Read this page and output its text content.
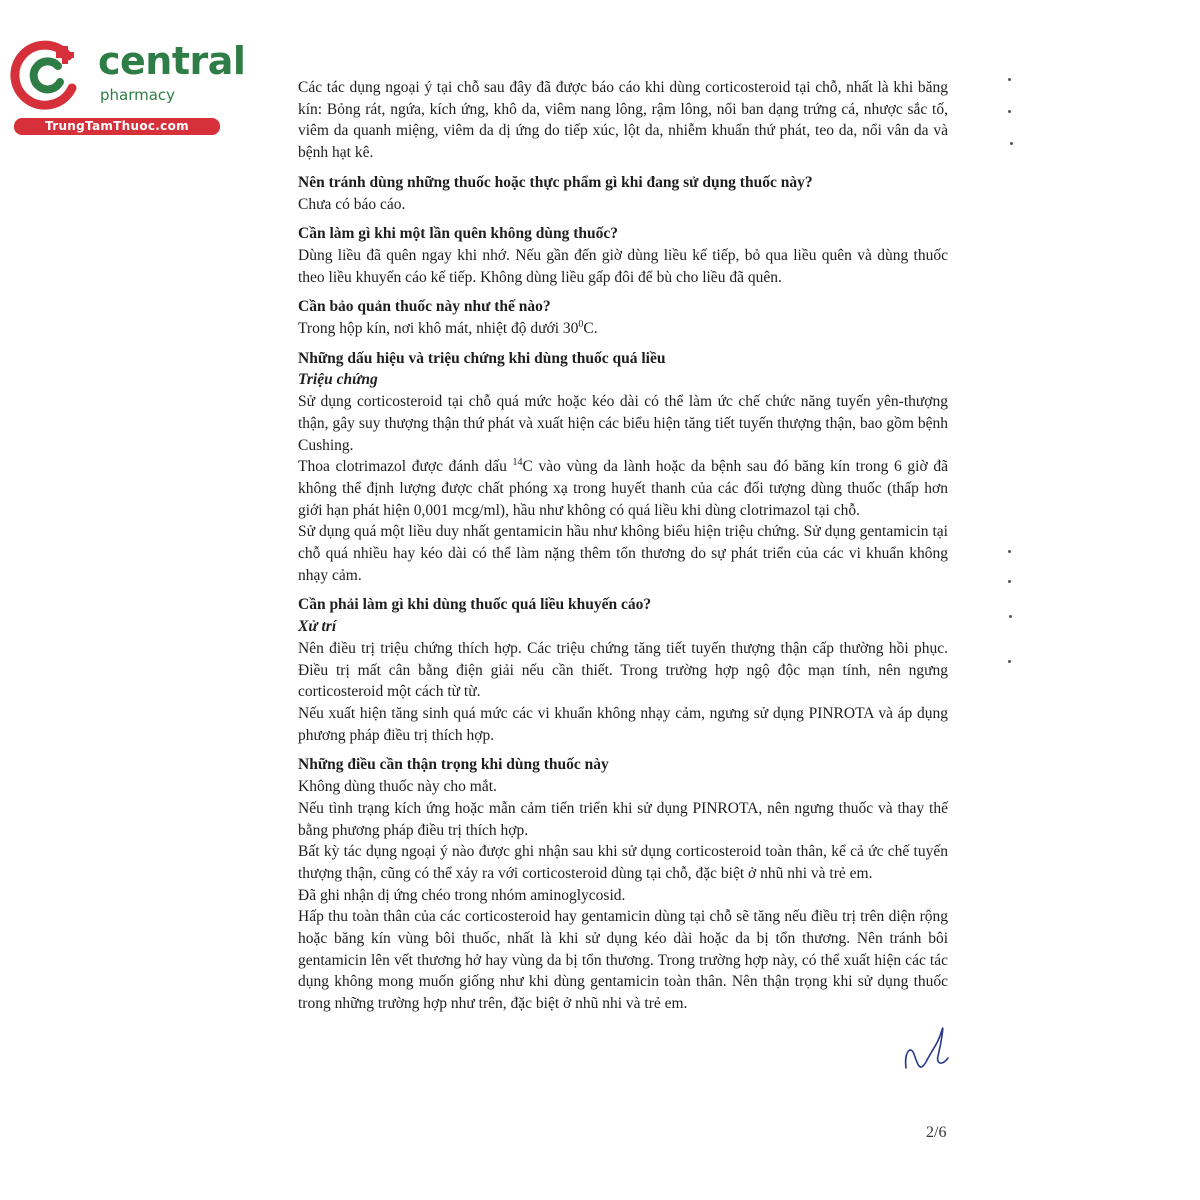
central
pharmacy
TrungTamThuoc.com

Các tác dụng ngoại ý tại chỗ sau đây đã được báo cáo khi dùng corticosteroid tại chỗ, nhất là khi băng kín: Bỏng rát, ngứa, kích ứng, khô da, viêm nang lông, rậm lông, nổi ban dạng trứng cá, nhược sắc tố, viêm da quanh miệng, viêm da dị ứng do tiếp xúc, lột da, nhiễm khuẩn thứ phát, teo da, nổi vân da và bệnh hạt kê.

Nên tránh dùng những thuốc hoặc thực phẩm gì khi đang sử dụng thuốc này?

Chưa có báo cáo.

Cần làm gì khi một lần quên không dùng thuốc?

Dùng liều đã quên ngay khi nhớ. Nếu gần đến giờ dùng liều kế tiếp, bỏ qua liều quên và dùng thuốc theo liều khuyến cáo kế tiếp. Không dùng liều gấp đôi để bù cho liều đã quên.

Cần bảo quản thuốc này như thế nào?

Trong hộp kín, nơi khô mát, nhiệt độ dưới $30^0C$.

Những dấu hiệu và triệu chứng khi dùng thuốc quá liều

Triệu chứng

Sử dụng corticosteroid tại chỗ quá mức hoặc kéo dài có thể làm ức chế chức năng tuyến yên-thượng thận, gây suy thượng thận thứ phát và xuất hiện các biểu hiện tăng tiết tuyến thượng thận, bao gồm bệnh Cushing.

Thoa clotrimazol được đánh dấu $^{14}$C vào vùng da lành hoặc da bệnh sau đó băng kín trong 6 giờ đã không thể định lượng được chất phóng xạ trong huyết thanh của các đối tượng dùng thuốc (thấp hơn giới hạn phát hiện 0,001 mcg/ml), hầu như không có quá liều khi dùng clotrimazol tại chỗ.

Sử dụng quá một liều duy nhất gentamicin hầu như không biểu hiện triệu chứng. Sử dụng gentamicin tại chỗ quá nhiều hay kéo dài có thể làm nặng thêm tổn thương do sự phát triển của các vi khuẩn không nhạy cảm.

Cần phải làm gì khi dùng thuốc quá liều khuyến cáo?

Xử trí

Nên điều trị triệu chứng thích hợp. Các triệu chứng tăng tiết tuyến thượng thận cấp thường hồi phục. Điều trị mất cân bằng điện giải nếu cần thiết. Trong trường hợp ngộ độc mạn tính, nên ngưng corticosteroid một cách từ từ.

Nếu xuất hiện tăng sinh quá mức các vi khuẩn không nhạy cảm, ngưng sử dụng PINROTA và áp dụng phương pháp điều trị thích hợp.

Những điều cần thận trọng khi dùng thuốc này

Không dùng thuốc này cho mắt.

Nếu tình trạng kích ứng hoặc mẫn cảm tiến triển khi sử dụng PINROTA, nên ngưng thuốc và thay thế bằng phương pháp điều trị thích hợp.

Bất kỳ tác dụng ngoại ý nào được ghi nhận sau khi sử dụng corticosteroid toàn thân, kể cả ức chế tuyến thượng thận, cũng có thể xảy ra với corticosteroid dùng tại chỗ, đặc biệt ở nhũ nhi và trẻ em.

Đã ghi nhận dị ứng chéo trong nhóm aminoglycosid.

Hấp thu toàn thân của các corticosteroid hay gentamicin dùng tại chỗ sẽ tăng nếu điều trị trên diện rộng hoặc băng kín vùng bôi thuốc, nhất là khi sử dụng kéo dài hoặc da bị tổn thương. Nên tránh bôi gentamicin lên vết thương hở hay vùng da bị tổn thương. Trong trường hợp này, có thể xuất hiện các tác dụng không mong muốn giống như khi dùng gentamicin toàn thân. Nên thận trọng khi sử dụng thuốc trong những trường hợp như trên, đặc biệt ở nhũ nhi và trẻ em.

2/6
